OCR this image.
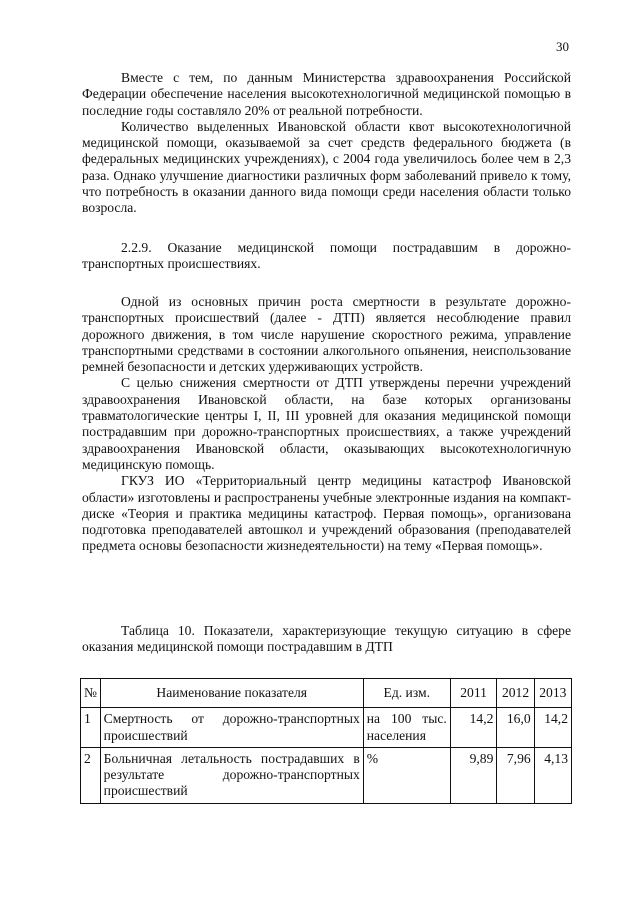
30

Вместе с тем, по данным Министерства здравоохранения Российской Федерации обеспечение населения высокотехнологичной медицинской помощью в последние годы составляло 20% от реальной потребности.

Количество выделенных Ивановской области квот высокотехнологичной медицинской помощи, оказываемой за счет средств федерального бюджета (в федеральных медицинских учреждениях), с 2004 года увеличилось более чем в 2,3 раза. Однако улучшение диагностики различных форм заболеваний привело к тому, что потребность в оказании данного вида помощи среди населения области только возросла.

2.2.9. Оказание медицинской помощи пострадавшим в дорожно-транспортных происшествиях.

Одной из основных причин роста смертности в результате дорожно-транспортных происшествий (далее - ДТП) является несоблюдение правил дорожного движения, в том числе нарушение скоростного режима, управление транспортными средствами в состоянии алкогольного опьянения, неиспользование ремней безопасности и детских удерживающих устройств.

С целью снижения смертности от ДТП утверждены перечни учреждений здравоохранения Ивановской области, на базе которых организованы травматологические центры I, II, III уровней для оказания медицинской помощи пострадавшим при дорожно-транспортных происшествиях, а также учреждений здравоохранения Ивановской области, оказывающих высокотехнологичную медицинскую помощь.

ГКУЗ ИО «Территориальный центр медицины катастроф Ивановской области» изготовлены и распространены учебные электронные издания на компакт-диске «Теория и практика медицины катастроф. Первая помощь», организована подготовка преподавателей автошкол и учреждений образования (преподавателей предмета основы безопасности жизнедеятельности) на тему «Первая помощь».

Таблица 10. Показатели, характеризующие текущую ситуацию в сфере оказания медицинской помощи пострадавшим в ДТП

№	Наименование показателя	Ед. изм.	2011	2012	2013
1	Смертность от дорожно-транспортных происшествий	на 100 тыс. населения	14,2	16,0	14,2
2	Больничная летальность пострадавших в результате дорожно-транспортных происшествий	%	9,89	7,96	4,13
